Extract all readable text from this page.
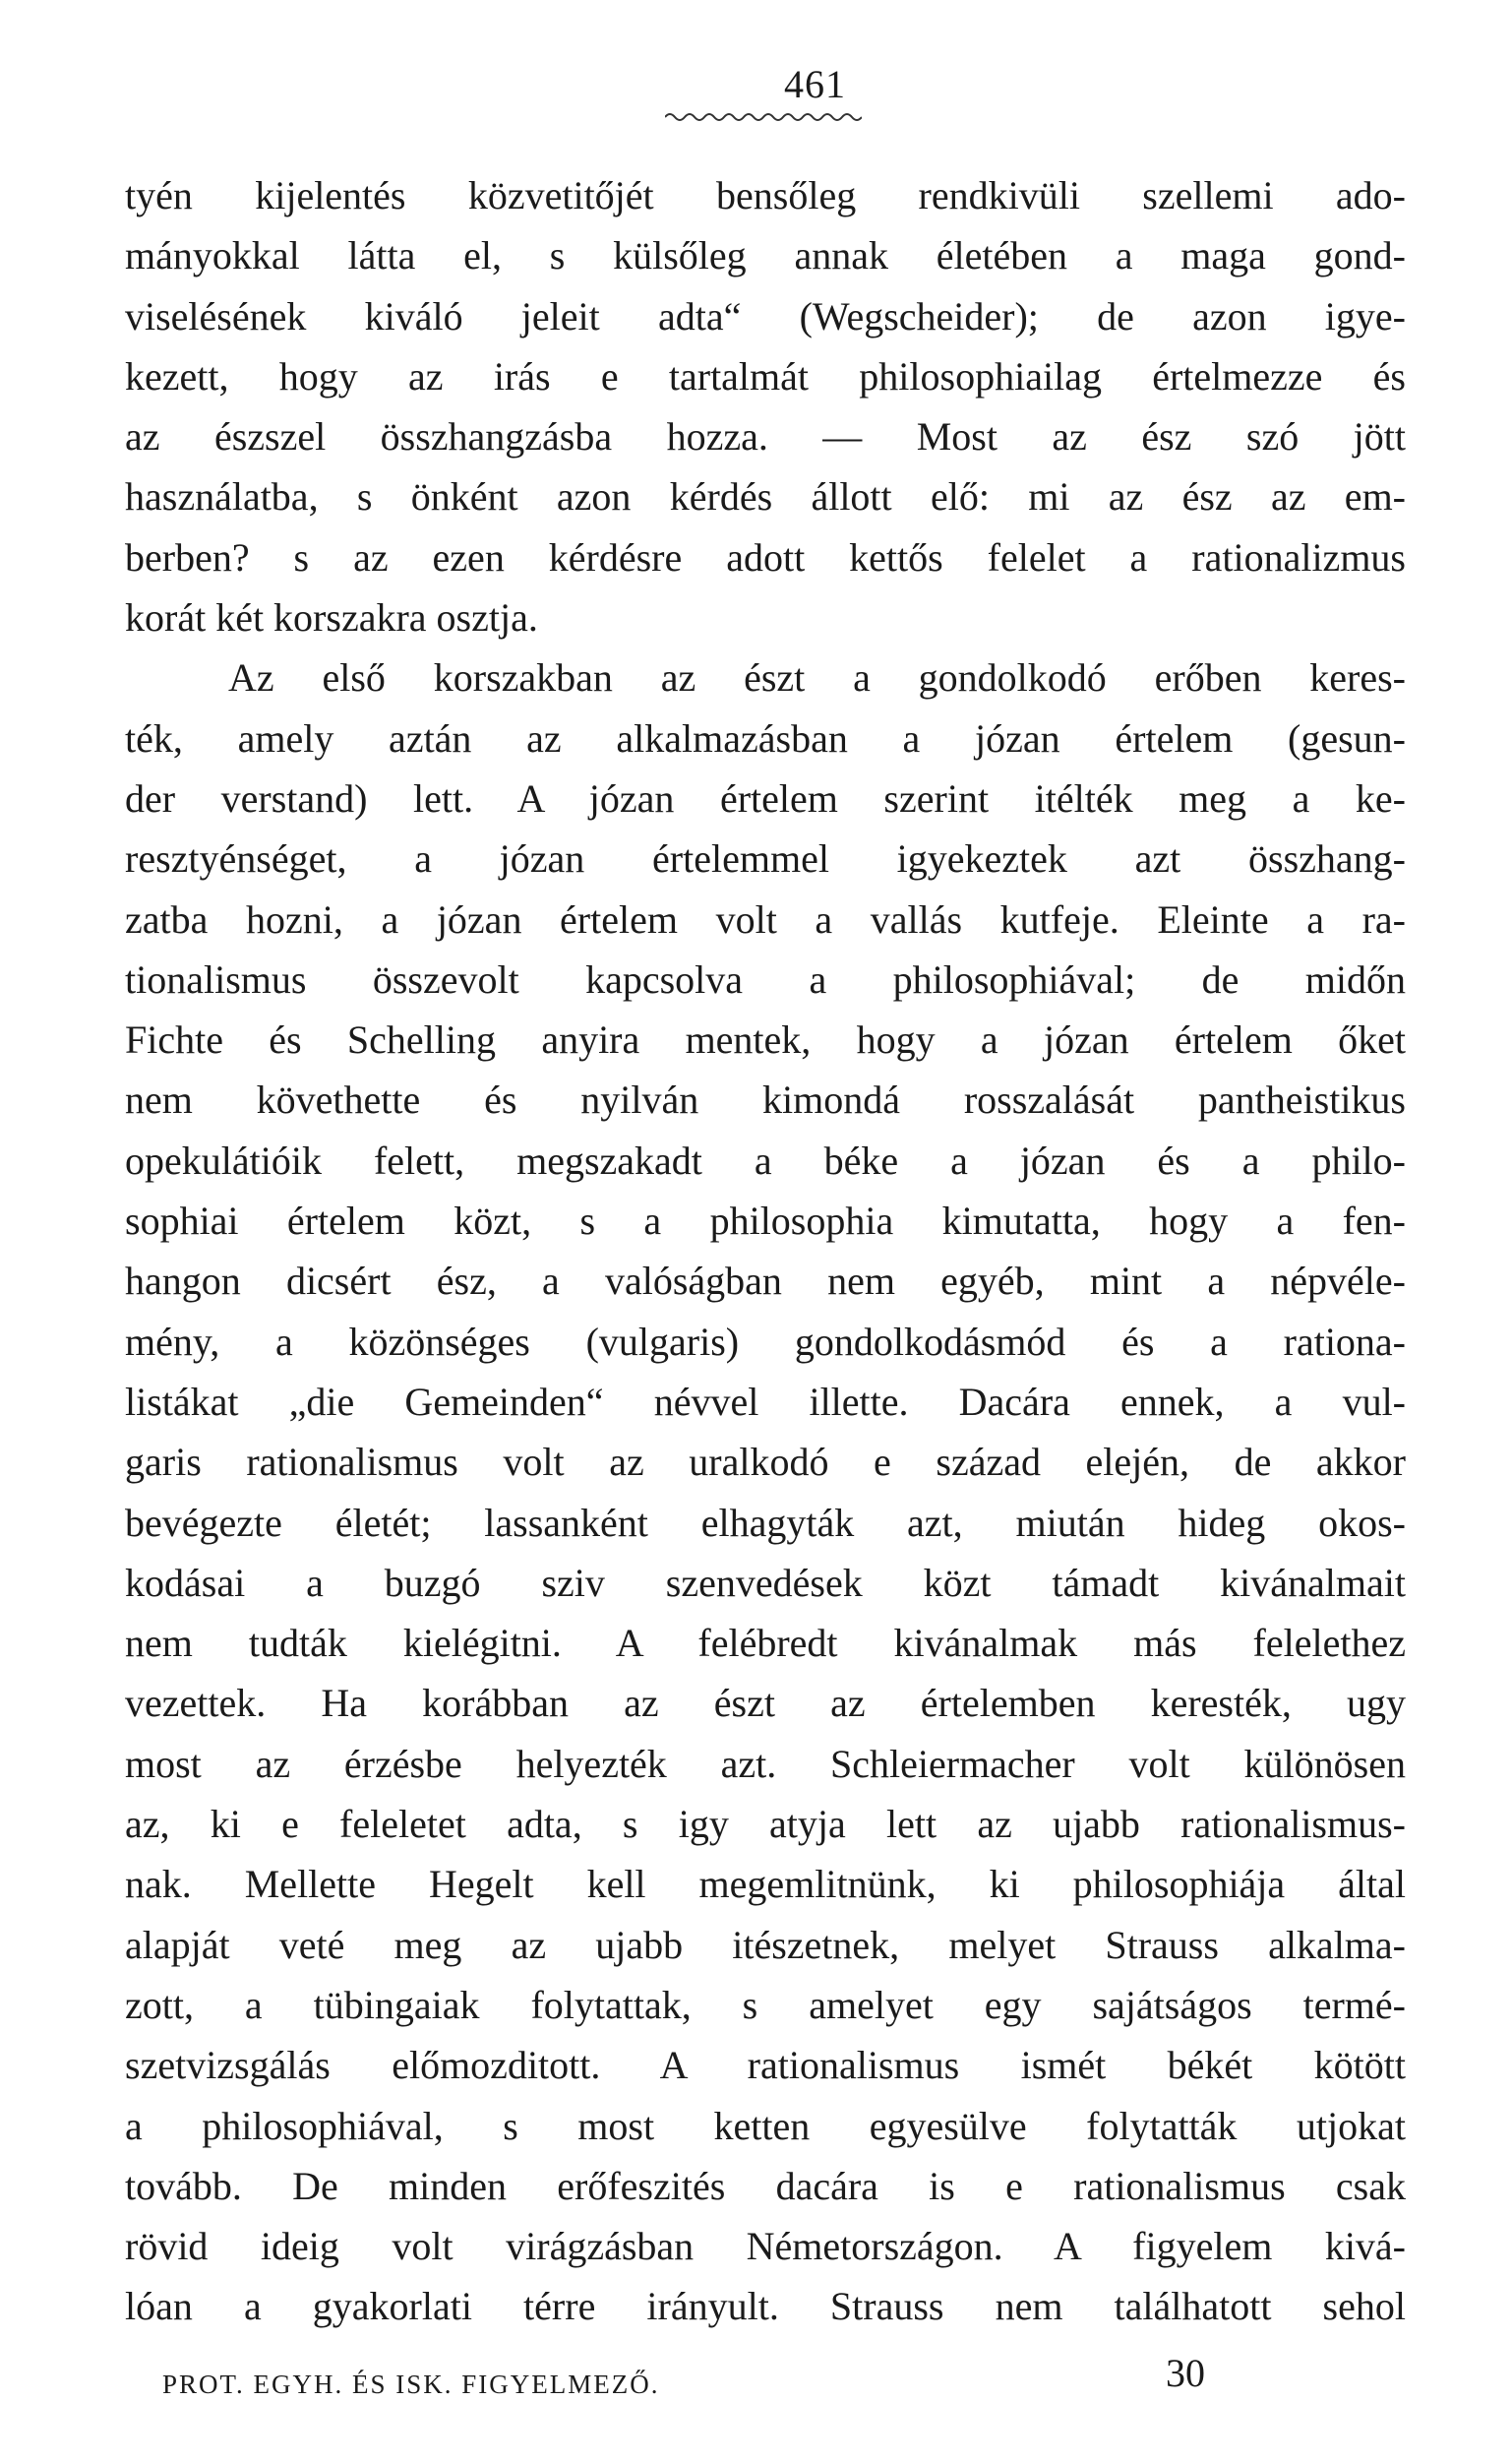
461
tyén kijelentés közvetitőjét bensőleg rendkivüli szellemi ado-
mányokkal látta el, s külsőleg annak életében a maga gond-
viselésének kiváló jeleit adta“ (Wegscheider); de azon igye-
kezett, hogy az irás e tartalmát philosophiailag értelmezze és
az észszel összhangzásba hozza. — Most az ész szó jött
használatba, s önként azon kérdés állott elő: mi az ész az em-
berben? s az ezen kérdésre adott kettős felelet a rationalizmus
korát két korszakra osztja.
Az első korszakban az észt a gondolkodó erőben keres-
ték, amely aztán az alkalmazásban a józan értelem (gesun-
der verstand) lett. A józan értelem szerint itélték meg a ke-
resztyénséget, a józan értelemmel igyekeztek azt összhang-
zatba hozni, a józan értelem volt a vallás kutfeje. Eleinte a ra-
tionalismus összevolt kapcsolva a philosophiával; de midőn
Fichte és Schelling anyira mentek, hogy a józan értelem őket
nem követhette és nyilván kimondá rosszalását pantheistikus
opekulátióik felett, megszakadt a béke a józan és a philo-
sophiai értelem közt, s a philosophia kimutatta, hogy a fen-
hangon dicsért ész, a valóságban nem egyéb, mint a népvéle-
mény, a közönséges (vulgaris) gondolkodásmód és a rationa-
listákat „die Gemeinden“ névvel illette. Dacára ennek, a vul-
garis rationalismus volt az uralkodó e század elején, de akkor
bevégezte életét; lassanként elhagyták azt, miután hideg okos-
kodásai a buzgó sziv szenvedések közt támadt kivánalmait
nem tudták kielégitni. A felébredt kivánalmak más felelethez
vezettek. Ha korábban az észt az értelemben keresték, ugy
most az érzésbe helyezték azt. Schleiermacher volt különösen
az, ki e feleletet adta, s igy atyja lett az ujabb rationalismus-
nak. Mellette Hegelt kell megemlitnünk, ki philosophiája által
alapját veté meg az ujabb itészetnek, melyet Strauss alkalma-
zott, a tübingaiak folytattak, s amelyet egy sajátságos termé-
szetvizsgálás előmozditott. A rationalismus ismét békét kötött
a philosophiával, s most ketten egyesülve folytatták utjokat
tovább. De minden erőfeszités dacára is e rationalismus csak
rövid ideig volt virágzásban Németországon. A figyelem kivá-
lóan a gyakorlati térre irányult. Strauss nem találhatott sehol
PROT. EGYH. ÉS ISK. FIGYELMEZŐ.	30
